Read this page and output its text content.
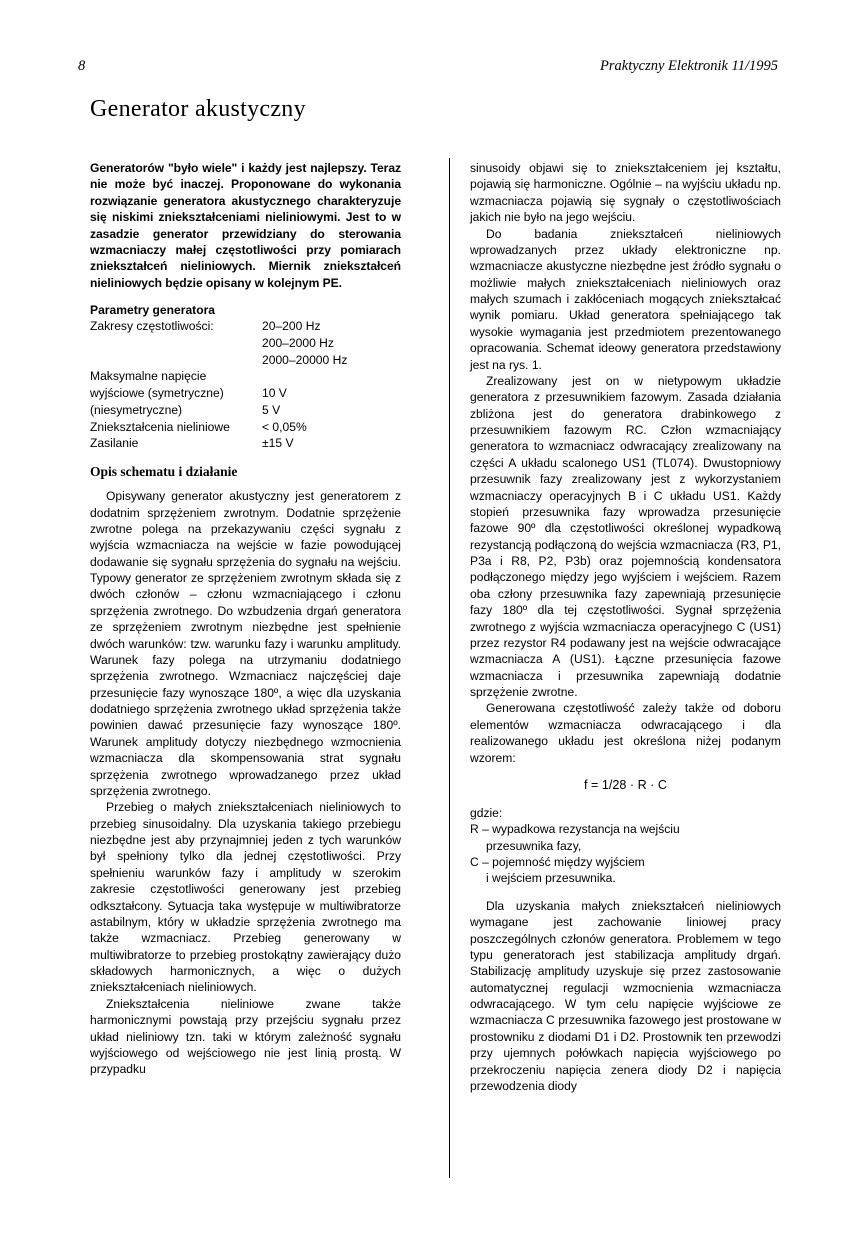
8	Praktyczny Elektronik 11/1995
Generator akustyczny

Generatorów "było wiele" i każdy jest najlepszy. Teraz nie może być inaczej. Proponowane do wykonania rozwiązanie generatora akustycznego charakteryzuje się niskimi zniekształceniami nieliniowymi. Jest to w zasadzie generator przewidziany do sterowania wzmacniaczy małej częstotliwości przy pomiarach zniekształceń nieliniowych. Miernik zniekształceń nieliniowych będzie opisany w kolejnym PE.

Parametry generatora
Zakresy częstotliwości:	20–200 Hz
	200–2000 Hz
	2000–20000 Hz
Maksymalne napięcie	
wyjściowe (symetryczne)	10 V
(niesymetryczne)	5 V
Zniekształcenia nieliniowe	< 0,05%
Zasilanie	±15 V
Opis schematu i działanie

Opisywany generator akustyczny jest generatorem z dodatnim sprzężeniem zwrotnym. Dodatnie sprzężenie zwrotne polega na przekazywaniu części sygnału z wyjścia wzmacniacza na wejście w fazie powodującej dodawanie się sygnału sprzężenia do sygnału na wejściu. Typowy generator ze sprzężeniem zwrotnym składa się z dwóch członów – członu wzmacniającego i członu sprzężenia zwrotnego. Do wzbudzenia drgań generatora ze sprzężeniem zwrotnym niezbędne jest spełnienie dwóch warunków: tzw. warunku fazy i warunku amplitudy. Warunek fazy polega na utrzymaniu dodatniego sprzężenia zwrotnego. Wzmacniacz najczęściej daje przesunięcie fazy wynoszące 180º, a więc dla uzyskania dodatniego sprzężenia zwrotnego układ sprzężenia także powinien dawać przesunięcie fazy wynoszące 180º. Warunek amplitudy dotyczy niezbędnego wzmocnienia wzmacniacza dla skompensowania strat sygnału sprzężenia zwrotnego wprowadzanego przez układ sprzężenia zwrotnego.

Przebieg o małych zniekształceniach nieliniowych to przebieg sinusoidalny. Dla uzyskania takiego przebiegu niezbędne jest aby przynajmniej jeden z tych warunków był spełniony tylko dla jednej częstotliwości. Przy spełnieniu warunków fazy i amplitudy w szerokim zakresie częstotliwości generowany jest przebieg odkształcony. Sytuacja taka występuje w multiwibratorze astabilnym, który w układzie sprzężenia zwrotnego ma także wzmacniacz. Przebieg generowany w multiwibratorze to przebieg prostokątny zawierający dużo składowych harmonicznych, a więc o dużych zniekształceniach nieliniowych.

Zniekształcenia nieliniowe zwane także harmonicznymi powstają przy przejściu sygnału przez układ nieliniowy tzn. taki w którym zależność sygnału wyjściowego od wejściowego nie jest linią prostą. W przypadku

sinusoidy objawi się to zniekształceniem jej kształtu, pojawią się harmoniczne. Ogólnie – na wyjściu układu np. wzmacniacza pojawią się sygnały o częstotliwościach jakich nie było na jego wejściu.

Do badania zniekształceń nieliniowych wprowadzanych przez układy elektroniczne np. wzmacniacze akustyczne niezbędne jest źródło sygnału o możliwie małych zniekształceniach nieliniowych oraz małych szumach i zakłóceniach mogących zniekształcać wynik pomiaru. Układ generatora spełniającego tak wysokie wymagania jest przedmiotem prezentowanego opracowania. Schemat ideowy generatora przedstawiony jest na rys. 1.

Zrealizowany jest on w nietypowym układzie generatora z przesuwnikiem fazowym. Zasada działania zbliżona jest do generatora drabinkowego z przesuwnikiem fazowym RC. Człon wzmacniający generatora to wzmacniacz odwracający zrealizowany na części A układu scalonego US1 (TL074). Dwustopniowy przesuwnik fazy zrealizowany jest z wykorzystaniem wzmacniaczy operacyjnych B i C układu US1. Każdy stopień przesuwnika fazy wprowadza przesunięcie fazowe 90º dla częstotliwości określonej wypadkową rezystancją podłączoną do wejścia wzmacniacza (R3, P1, P3a i R8, P2, P3b) oraz pojemnością kondensatora podłączonego między jego wyjściem i wejściem. Razem oba człony przesuwnika fazy zapewniają przesunięcie fazy 180º dla tej częstotliwości. Sygnał sprzężenia zwrotnego z wyjścia wzmacniacza operacyjnego C (US1) przez rezystor R4 podawany jest na wejście odwracające wzmacniacza A (US1). Łączne przesunięcia fazowe wzmacniacza i przesuwnika zapewniają dodatnie sprzężenie zwrotne.

Generowana częstotliwość zależy także od doboru elementów wzmacniacza odwracającego i dla realizowanego układu jest określona niżej podanym wzorem:

f = 1/28 · R · C

gdzie:

R – wypadkowa rezystancja na wejściu

przesuwnika fazy,

C – pojemność między wyjściem

i wejściem przesuwnika.

Dla uzyskania małych zniekształceń nieliniowych wymagane jest zachowanie liniowej pracy poszczególnych członów generatora. Problemem w tego typu generatorach jest stabilizacja amplitudy drgań. Stabilizację amplitudy uzyskuje się przez zastosowanie automatycznej regulacji wzmocnienia wzmacniacza odwracającego. W tym celu napięcie wyjściowe ze wzmacniacza C przesuwnika fazowego jest prostowane w prostowniku z diodami D1 i D2. Prostownik ten przewodzi przy ujemnych połówkach napięcia wyjściowego po przekroczeniu napięcia zenera diody D2 i napięcia przewodzenia diody
